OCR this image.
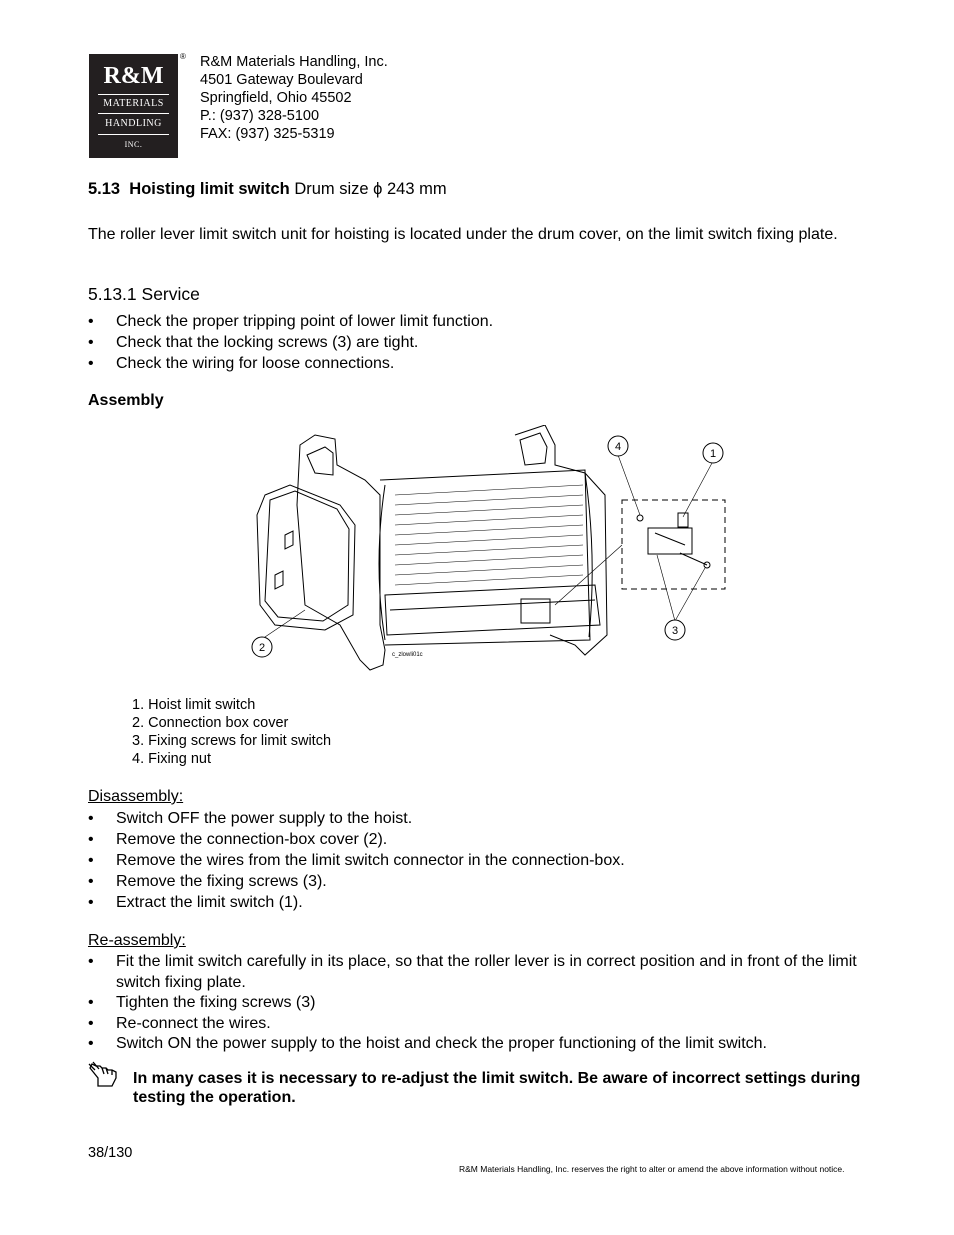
R&M
MATERIALS
HANDLING
INC.
® R&M Materials Handling, Inc.
4501 Gateway Boulevard
Springfield, Ohio 45502
P.: (937) 328-5100
FAX: (937) 325-5319
5.13 Hoisting limit switch Drum size ϕ 243 mm
The roller lever limit switch unit for hoisting is located under the drum cover, on the limit switch fixing plate.
5.13.1 Service
• Check the proper tripping point of lower limit function.
• Check that the locking screws (3) are tight.
• Check the wiring for loose connections.
Assembly
4
1
2
3
c_zlowli01c
1. Hoist limit switch
2. Connection box cover
3. Fixing screws for limit switch
4. Fixing nut
Disassembly:
• Switch OFF the power supply to the hoist.
• Remove the connection-box cover (2).
• Remove the wires from the limit switch connector in the connection-box.
• Remove the fixing screws (3).
• Extract the limit switch (1).
Re-assembly:
• Fit the limit switch carefully in its place, so that the roller lever is in correct position and in front of the limit switch fixing plate.
• Tighten the fixing screws (3)
• Re-connect the wires.
• Switch ON the power supply to the hoist and check the proper functioning of the limit switch.
In many cases it is necessary to re-adjust the limit switch. Be aware of incorrect settings during testing the operation.
38/130
R&M Materials Handling, Inc. reserves the right to alter or amend the above information without notice.
